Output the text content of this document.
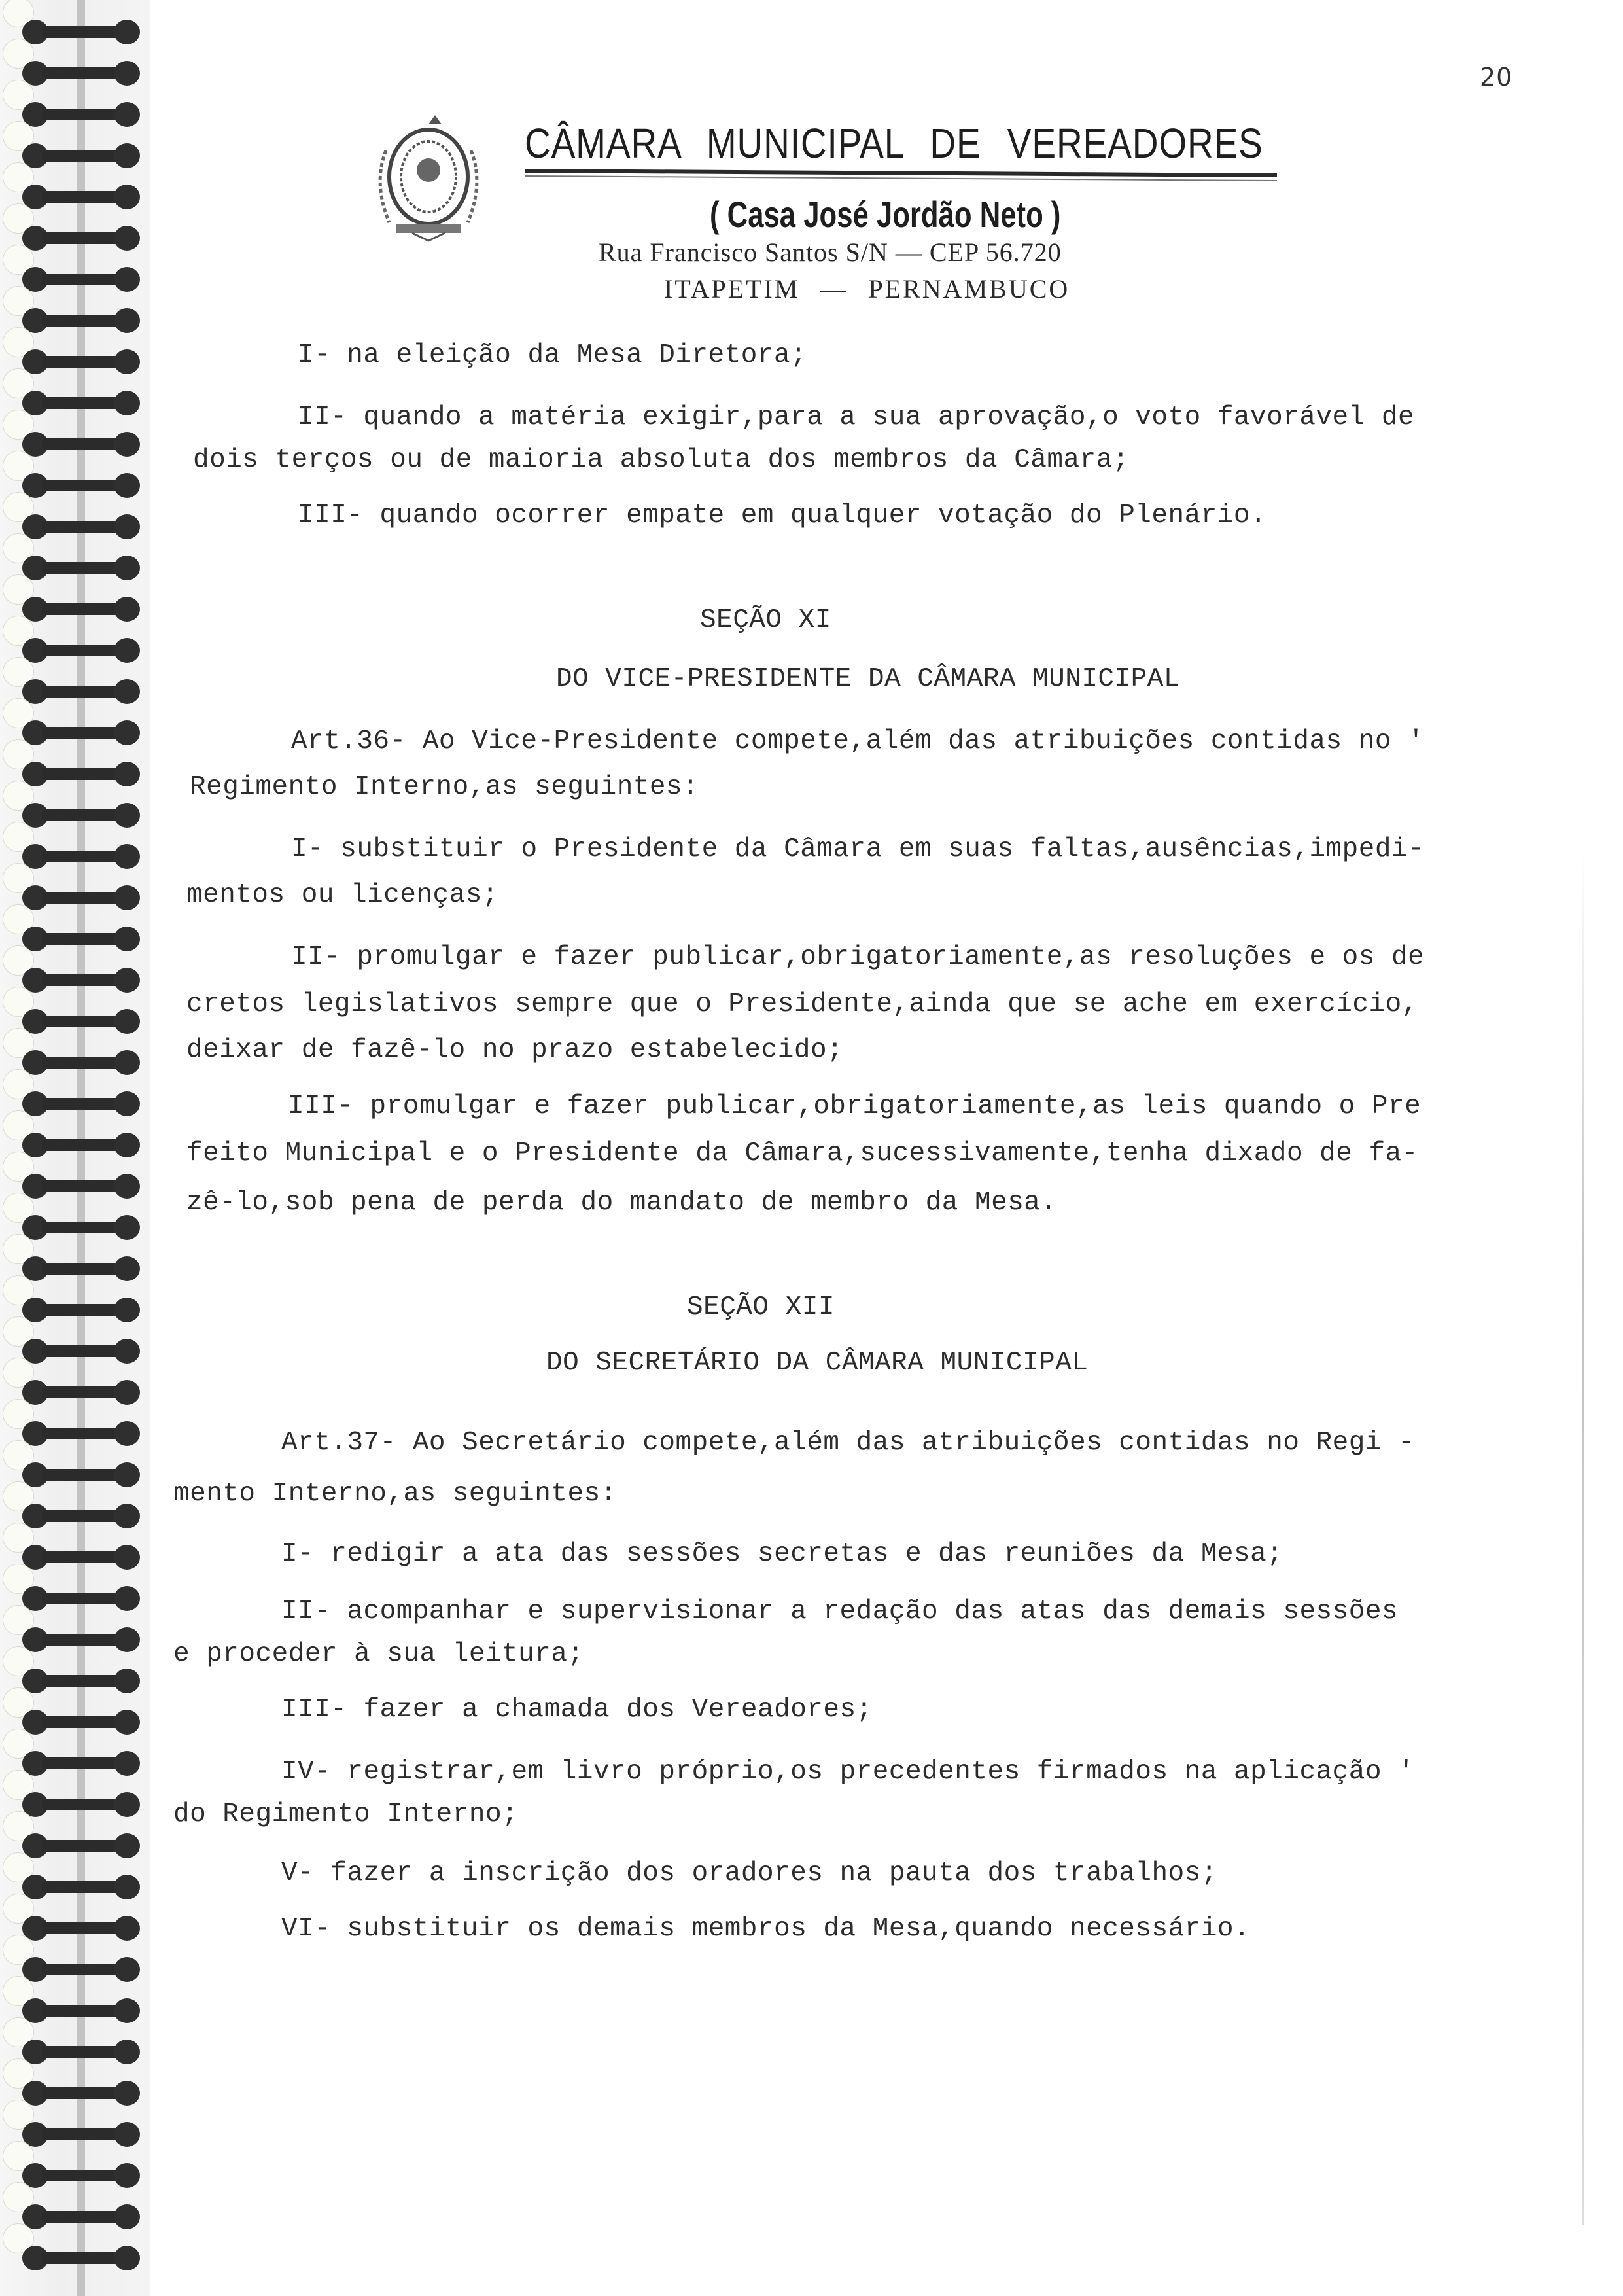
20
CÂMARA MUNICIPAL DE VEREADORES
( Casa José Jordão Neto )
Rua Francisco Santos S/N — CEP 56.720
ITAPETIM — PERNAMBUCO
I- na eleição da Mesa Diretora;
II- quando a matéria exigir,para a sua aprovação,o voto favorável de
dois terços ou de maioria absoluta dos membros da Câmara;
III- quando ocorrer empate em qualquer votação do Plenário.
SEÇÃO XI
DO VICE-PRESIDENTE DA CÂMARA MUNICIPAL
Art.36- Ao Vice-Presidente compete,além das atribuições contidas no '
Regimento Interno,as seguintes:
I- substituir o Presidente da Câmara em suas faltas,ausências,impedi-
mentos ou licenças;
II- promulgar e fazer publicar,obrigatoriamente,as resoluções e os de
cretos legislativos sempre que o Presidente,ainda que se ache em exercício,
deixar de fazê-lo no prazo estabelecido;
III- promulgar e fazer publicar,obrigatoriamente,as leis quando o Pre
feito Municipal e o Presidente da Câmara,sucessivamente,tenha dixado de fa-
zê-lo,sob pena de perda do mandato de membro da Mesa.
SEÇÃO XII
DO SECRETÁRIO DA CÂMARA MUNICIPAL
Art.37- Ao Secretário compete,além das atribuições contidas no Regi -
mento Interno,as seguintes:
I- redigir a ata das sessões secretas e das reuniões da Mesa;
II- acompanhar e supervisionar a redação das atas das demais sessões
e proceder à sua leitura;
III- fazer a chamada dos Vereadores;
IV- registrar,em livro próprio,os precedentes firmados na aplicação '
do Regimento Interno;
V- fazer a inscrição dos oradores na pauta dos trabalhos;
VI- substituir os demais membros da Mesa,quando necessário.
